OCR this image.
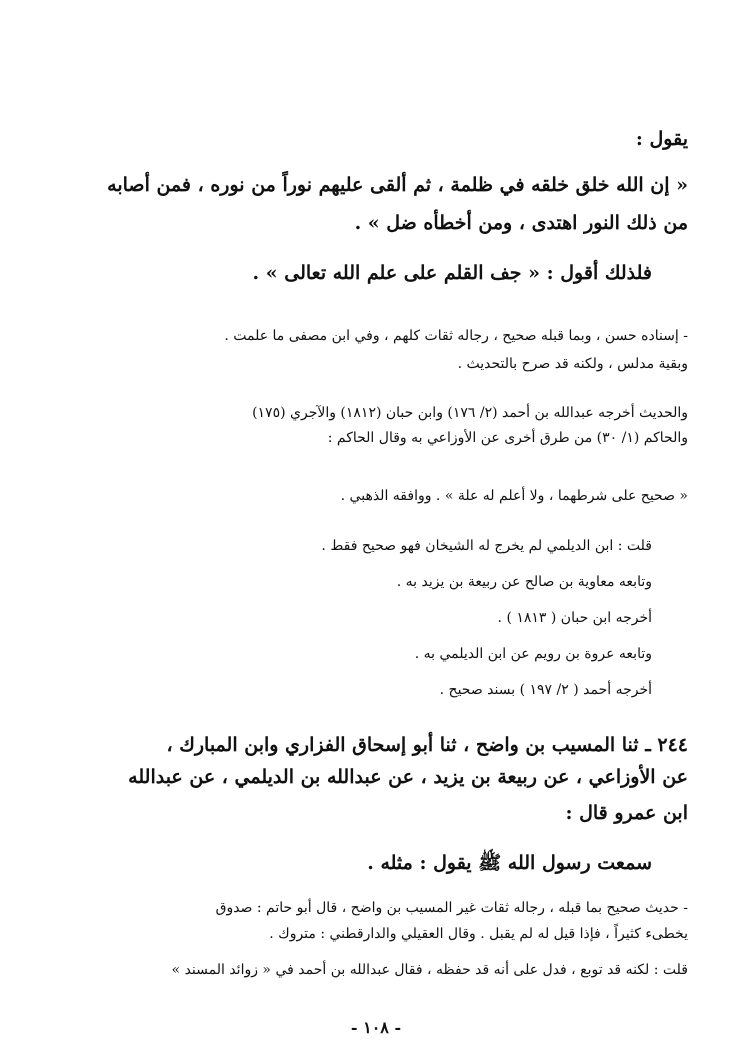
يقول :
« إن الله خلق خلقه في ظلمة ، ثم ألقى عليهم نوراً من نوره ، فمن أصابه
من ذلك النور اهتدى ، ومن أخطأه ضل » .
فلذلك أقول : « جف القلم على علم الله تعالى » .
- إسناده حسن ، وبما قبله صحيح ، رجاله ثقات كلهم ، وفي ابن مصفى ما علمت .
وبقية مدلس ، ولكنه قد صرح بالتحديث .
والحديث أخرجه عبدالله بن أحمد (٢/ ١٧٦) وابن حبان (١٨١٢) والآجري (١٧٥)
والحاكم (١/ ٣٠) من طرق أخرى عن الأوزاعي به وقال الحاكم :
« صحيح على شرطهما ، ولا أعلم له علة » . ووافقه الذهبي .
قلت : ابن الديلمي لم يخرج له الشيخان فهو صحيح فقط .
وتابعه معاوية بن صالح عن ربيعة بن يزيد به .
أخرجه ابن حبان ( ١٨١٣ ) .
وتابعه عروة بن رويم عن ابن الديلمي به .
أخرجه أحمد ( ٢/ ١٩٧ ) بسند صحيح .
٢٤٤ ـ ثنا المسيب بن واضح ، ثنا أبو إسحاق الفزاري وابن المبارك ،
عن الأوزاعي ، عن ربيعة بن يزيد ، عن عبدالله بن الديلمي ، عن عبدالله
ابن عمرو قال :
سمعت رسول الله ﷺ يقول : مثله .
- حديث صحيح بما قبله ، رجاله ثقات غير المسيب بن واضح ، قال أبو حاتم : صدوق
يخطىء كثيراً ، فإذا قيل له لم يقبل . وقال العقيلي والدارقطني : متروك .
قلت : لكنه قد توبع ، فدل على أنه قد حفظه ، فقال عبدالله بن أحمد في « زوائد المسند »
- ١٠٨ -
